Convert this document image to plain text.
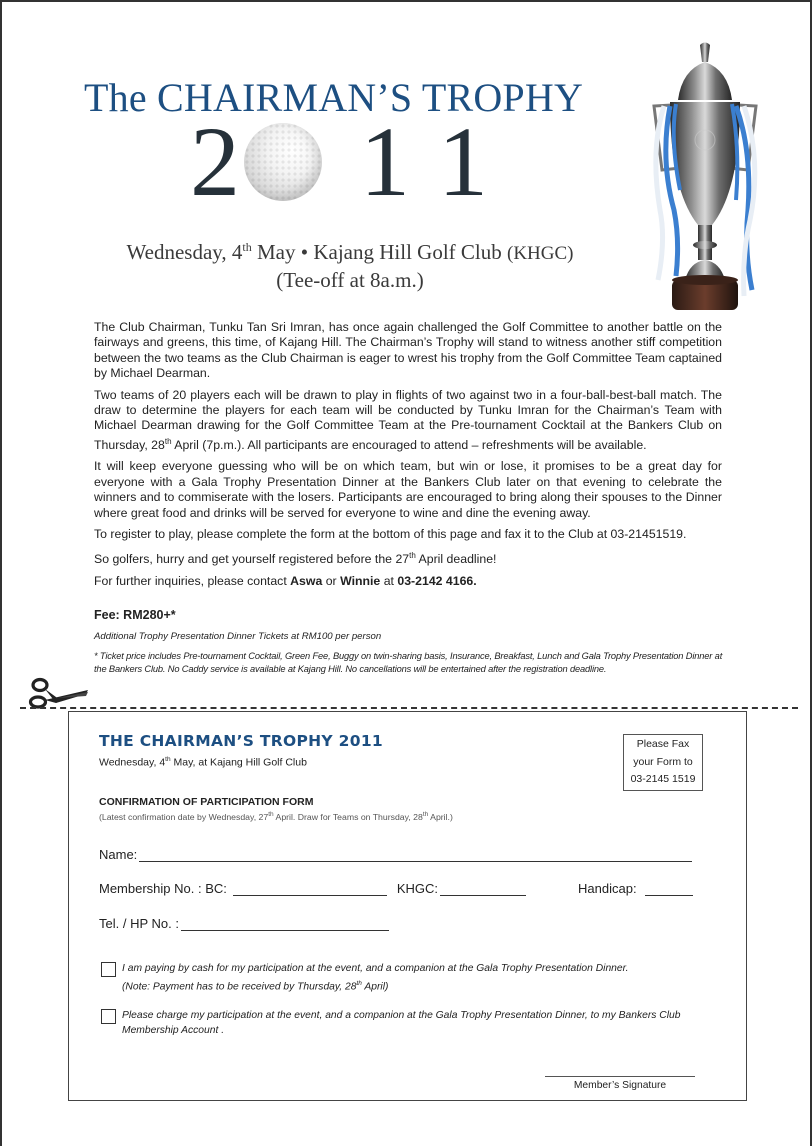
The CHAIRMAN’S TROPHY
2 1 1
Wednesday, 4th May • Kajang Hill Golf Club (KHGC)
(Tee-off at 8a.m.)

The Club Chairman, Tunku Tan Sri Imran, has once again challenged the Golf Committee to another battle on the fairways and greens, this time, of Kajang Hill. The Chairman’s Trophy will stand to witness another stiff competition between the two teams as the Club Chairman is eager to wrest his trophy from the Golf Committee Team captained by Michael Dearman.

Two teams of 20 players each will be drawn to play in flights of two against two in a four-ball-best-ball match. The draw to determine the players for each team will be conducted by Tunku Imran for the Chairman’s Team with Michael Dearman drawing for the Golf Committee Team at the Pre-tournament Cocktail at the Bankers Club on Thursday, 28th April (7p.m.). All participants are encouraged to attend – refreshments will be available.

It will keep everyone guessing who will be on which team, but win or lose, it promises to be a great day for everyone with a Gala Trophy Presentation Dinner at the Bankers Club later on that evening to celebrate the winners and to commiserate with the losers. Participants are encouraged to bring along their spouses to the Dinner where great food and drinks will be served for everyone to wine and dine the evening away.

To register to play, please complete the form at the bottom of this page and fax it to the Club at 03-21451519.

So golfers, hurry and get yourself registered before the 27th April deadline!

For further inquiries, please contact Aswa or Winnie at 03-2142 4166.

Fee: RM280+*
Additional Trophy Presentation Dinner Tickets at RM100 per person
* Ticket price includes Pre-tournament Cocktail, Green Fee, Buggy on twin-sharing basis, Insurance, Breakfast, Lunch and Gala Trophy Presentation Dinner at the Bankers Club. No Caddy service is available at Kajang Hill. No cancellations will be entertained after the registration deadline.
THE CHAIRMAN’S TROPHY 2011
Wednesday, 4th May, at Kajang Hill Golf Club
Please Fax
your Form to
03-2145 1519
CONFIRMATION OF PARTICIPATION FORM
(Latest confirmation date by Wednesday, 27th April. Draw for Teams on Thursday, 28th April.)
Name:
Membership No. : BC:	KHGC:	Handicap:
Tel. / HP No. :
I am paying by cash for my participation at the event, and a companion at the Gala Trophy Presentation Dinner.
(Note: Payment has to be received by Thursday, 28th April)
Please charge my participation at the event, and a companion at the Gala Trophy Presentation Dinner, to my Bankers Club Membership Account .
Member’s Signature
